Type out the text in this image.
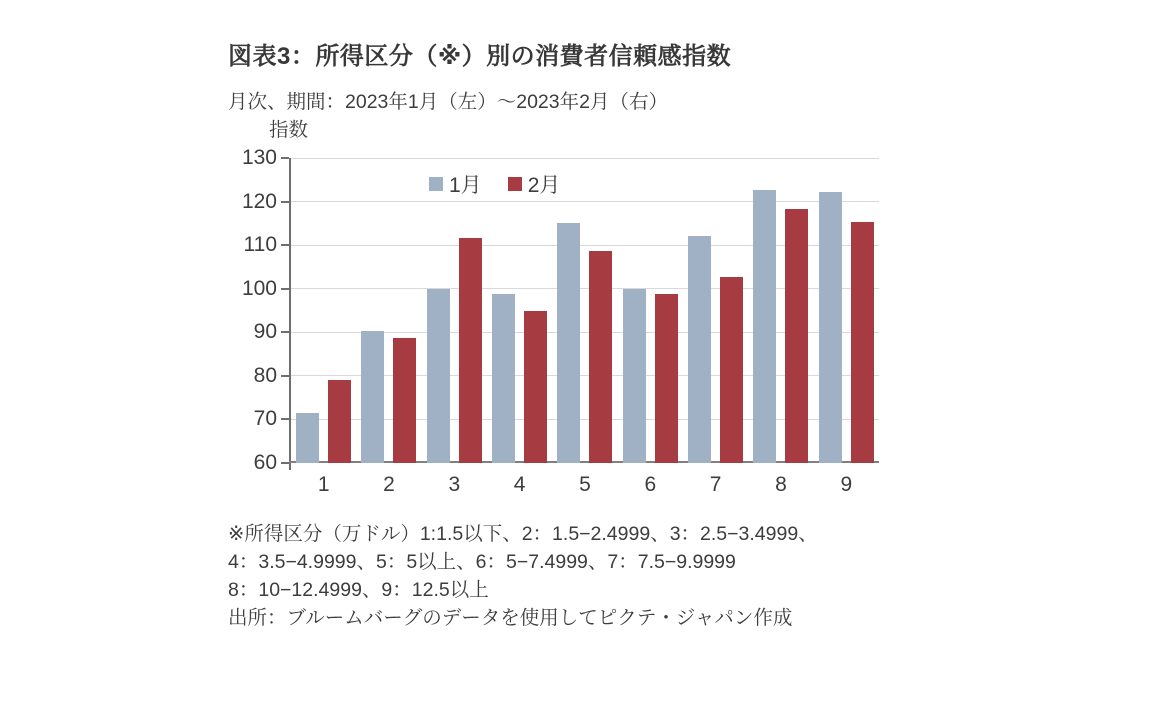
図表3：所得区分（※）別の消費者信頼感指数
月次、期間：2023年1月（左）～2023年2月（右）
指数
1月 2月
130
120
110
100
90
80
70
60
1	2	3	4	5	6	7	8	9
※所得区分（万ドル）1:1.5以下、2：1.5−2.4999、3：2.5−3.4999、
4：3.5−4.9999、5：5以上、6：5−7.4999、7：7.5−9.9999
8：10−12.4999、9：12.5以上
出所：ブルームバーグのデータを使用してピクテ・ジャパン作成
